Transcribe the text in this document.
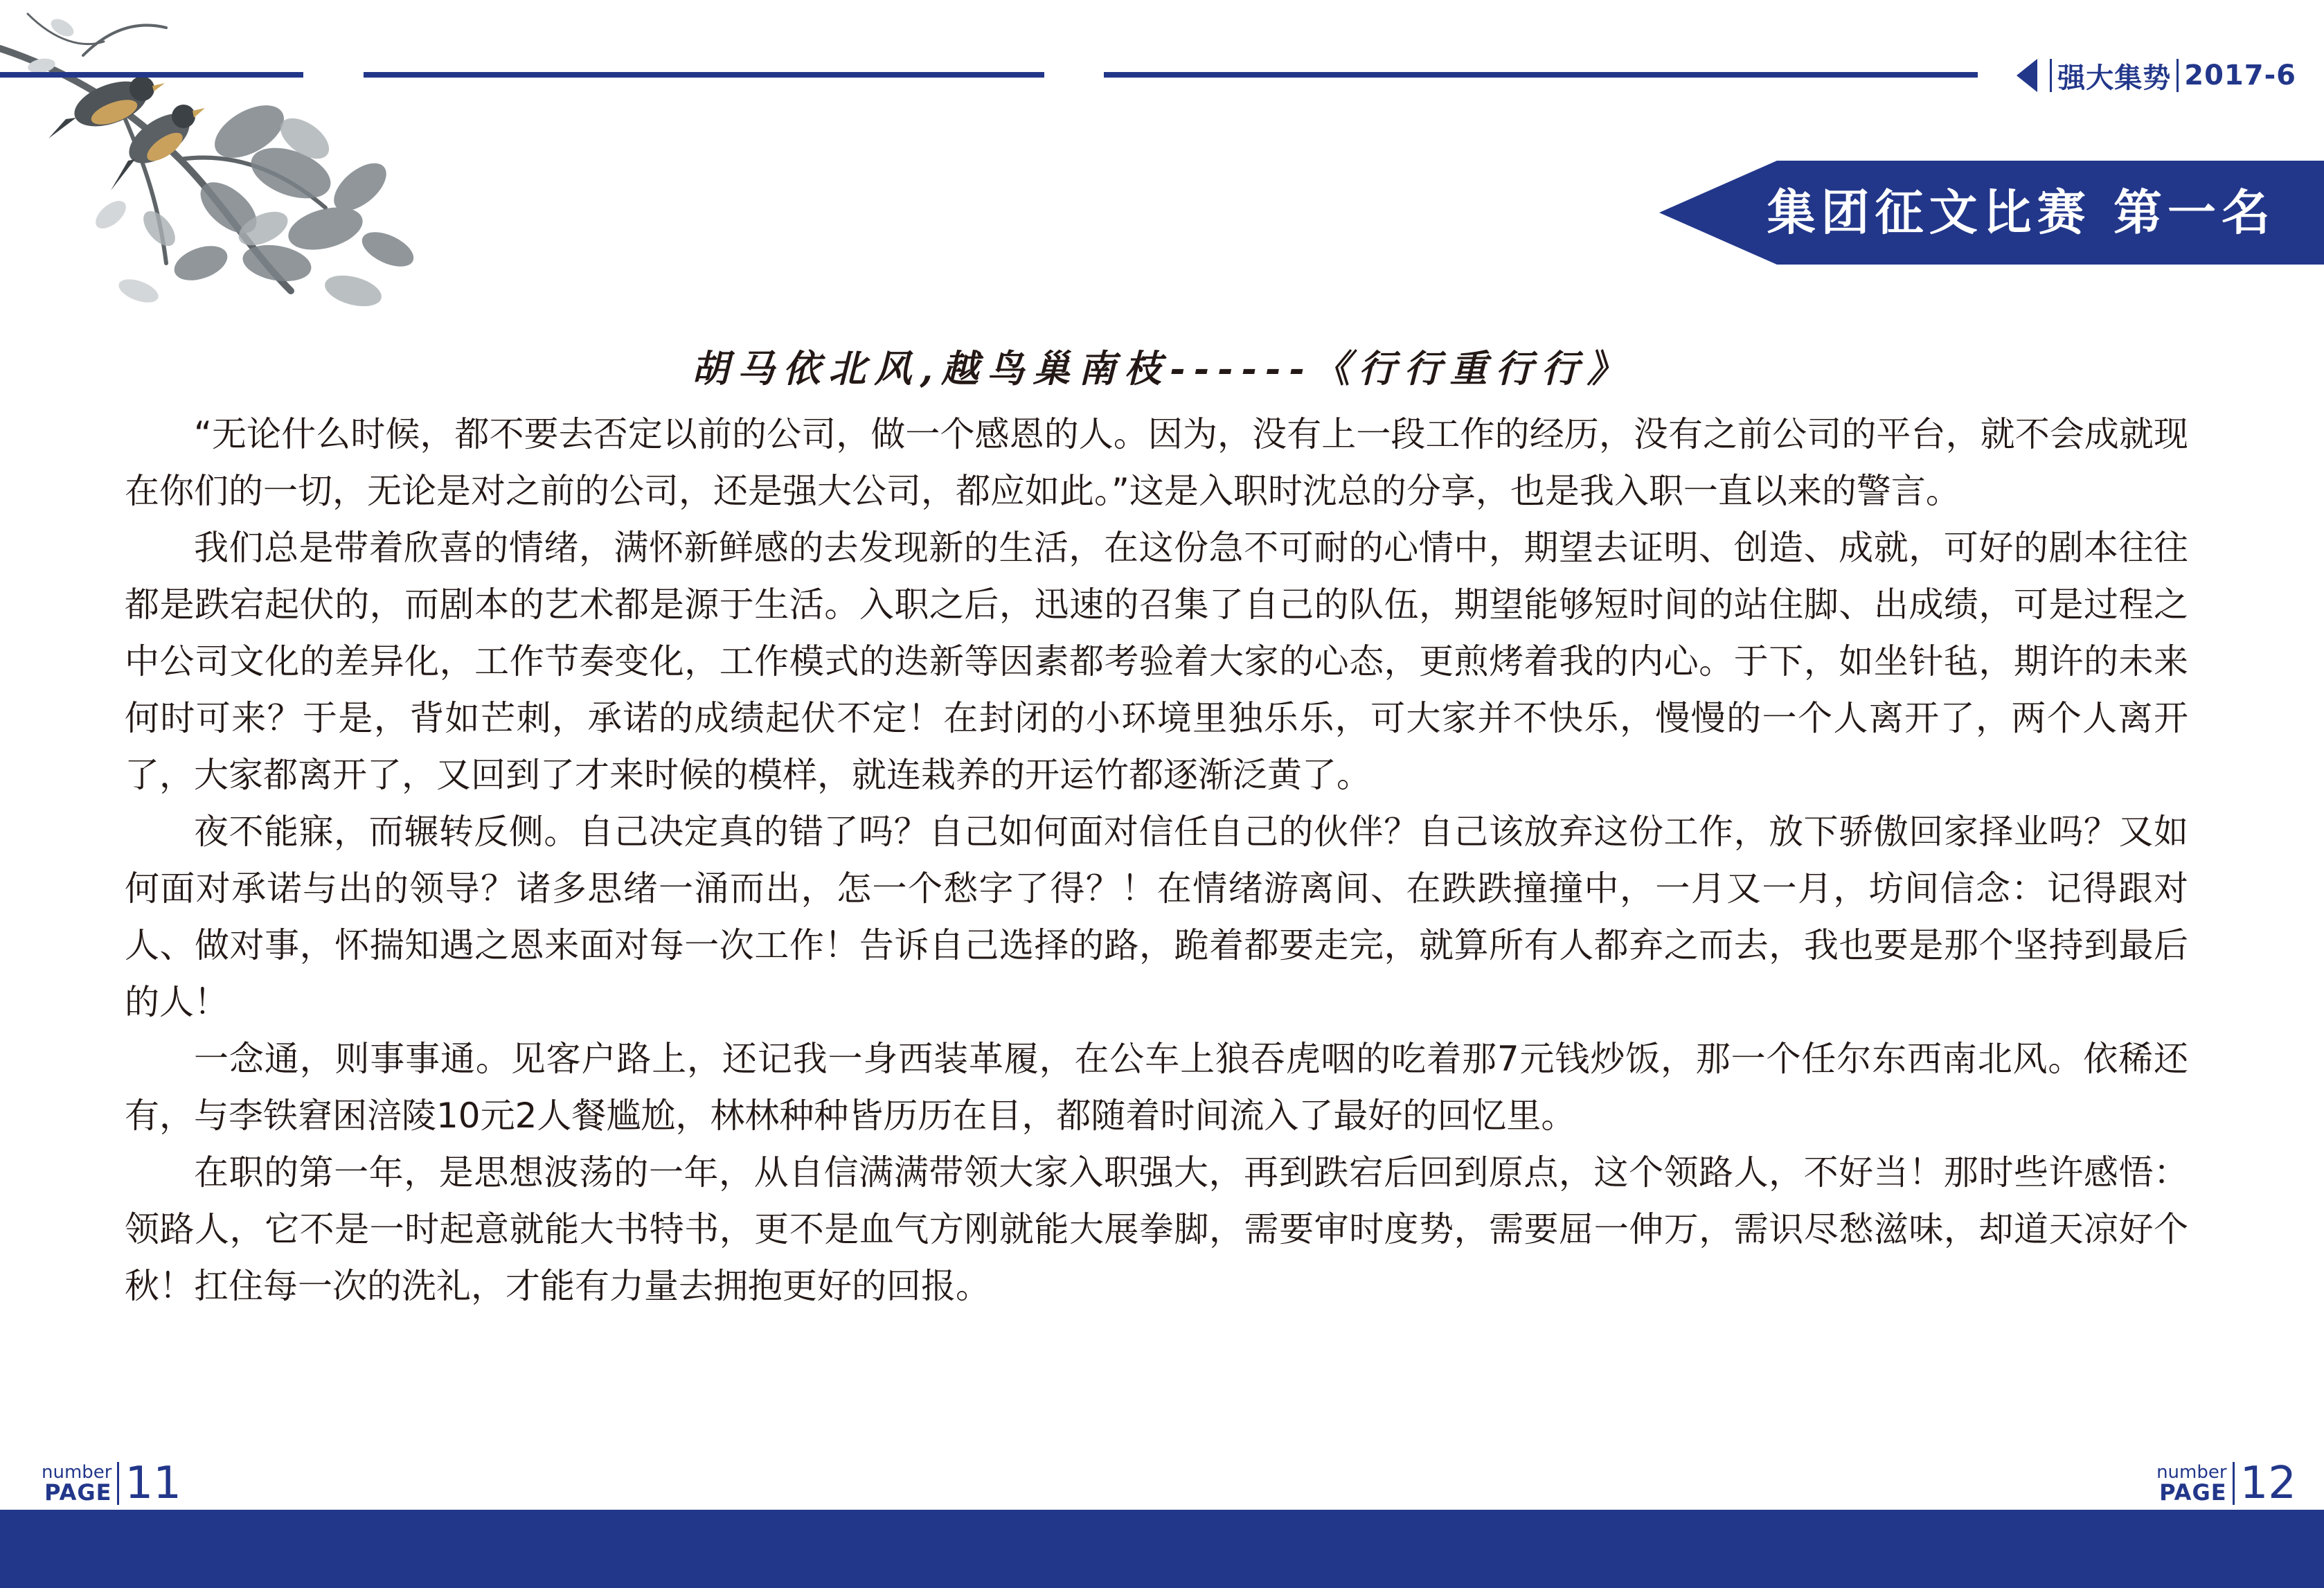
强大集势 2017-6
集团征文比赛 第一名
胡马依北风,越鸟巢南枝------《行行重行行》

“无论什么时候，都不要去否定以前的公司，做一个感恩的人。因为，没有上一段工作的经历，没有之前公司的平台，就不会成就现在你们的一切，无论是对之前的公司，还是强大公司，都应如此。”这是入职时沈总的分享，也是我入职一直以来的警言。

我们总是带着欣喜的情绪，满怀新鲜感的去发现新的生活，在这份急不可耐的心情中，期望去证明、创造、成就，可好的剧本往往都是跌宕起伏的，而剧本的艺术都是源于生活。入职之后，迅速的召集了自己的队伍，期望能够短时间的站住脚、出成绩，可是过程之中公司文化的差异化，工作节奏变化，工作模式的迭新等因素都考验着大家的心态，更煎烤着我的内心。于下，如坐针毡，期许的未来何时可来？于是，背如芒刺，承诺的成绩起伏不定！在封闭的小环境里独乐乐，可大家并不快乐，慢慢的一个人离开了，两个人离开了，大家都离开了，又回到了才来时候的模样，就连栽养的开运竹都逐渐泛黄了。

夜不能寐，而辗转反侧。自己决定真的错了吗？自己如何面对信任自己的伙伴？自己该放弃这份工作，放下骄傲回家择业吗？又如何面对承诺与出的领导？诸多思绪一涌而出，怎一个愁字了得？！在情绪游离间、在跌跌撞撞中，一月又一月，坊间信念：记得跟对人、做对事，怀揣知遇之恩来面对每一次工作！告诉自己选择的路，跪着都要走完，就算所有人都弃之而去，我也要是那个坚持到最后的人！

一念通，则事事通。见客户路上，还记我一身西装革履，在公车上狼吞虎咽的吃着那7元钱炒饭，那一个任尔东西南北风。依稀还有，与李铁窘困涪陵10元2人餐尴尬，林林种种皆历历在目，都随着时间流入了最好的回忆里。

在职的第一年，是思想波荡的一年，从自信满满带领大家入职强大，再到跌宕后回到原点，这个领路人，不好当！那时些许感悟：领路人，它不是一时起意就能大书特书，更不是血气方刚就能大展拳脚，需要审时度势，需要屈一伸万，需识尽愁滋味，却道天凉好个秋！扛住每一次的洗礼，才能有力量去拥抱更好的回报。

number
PAGE 11	number
PAGE 12
